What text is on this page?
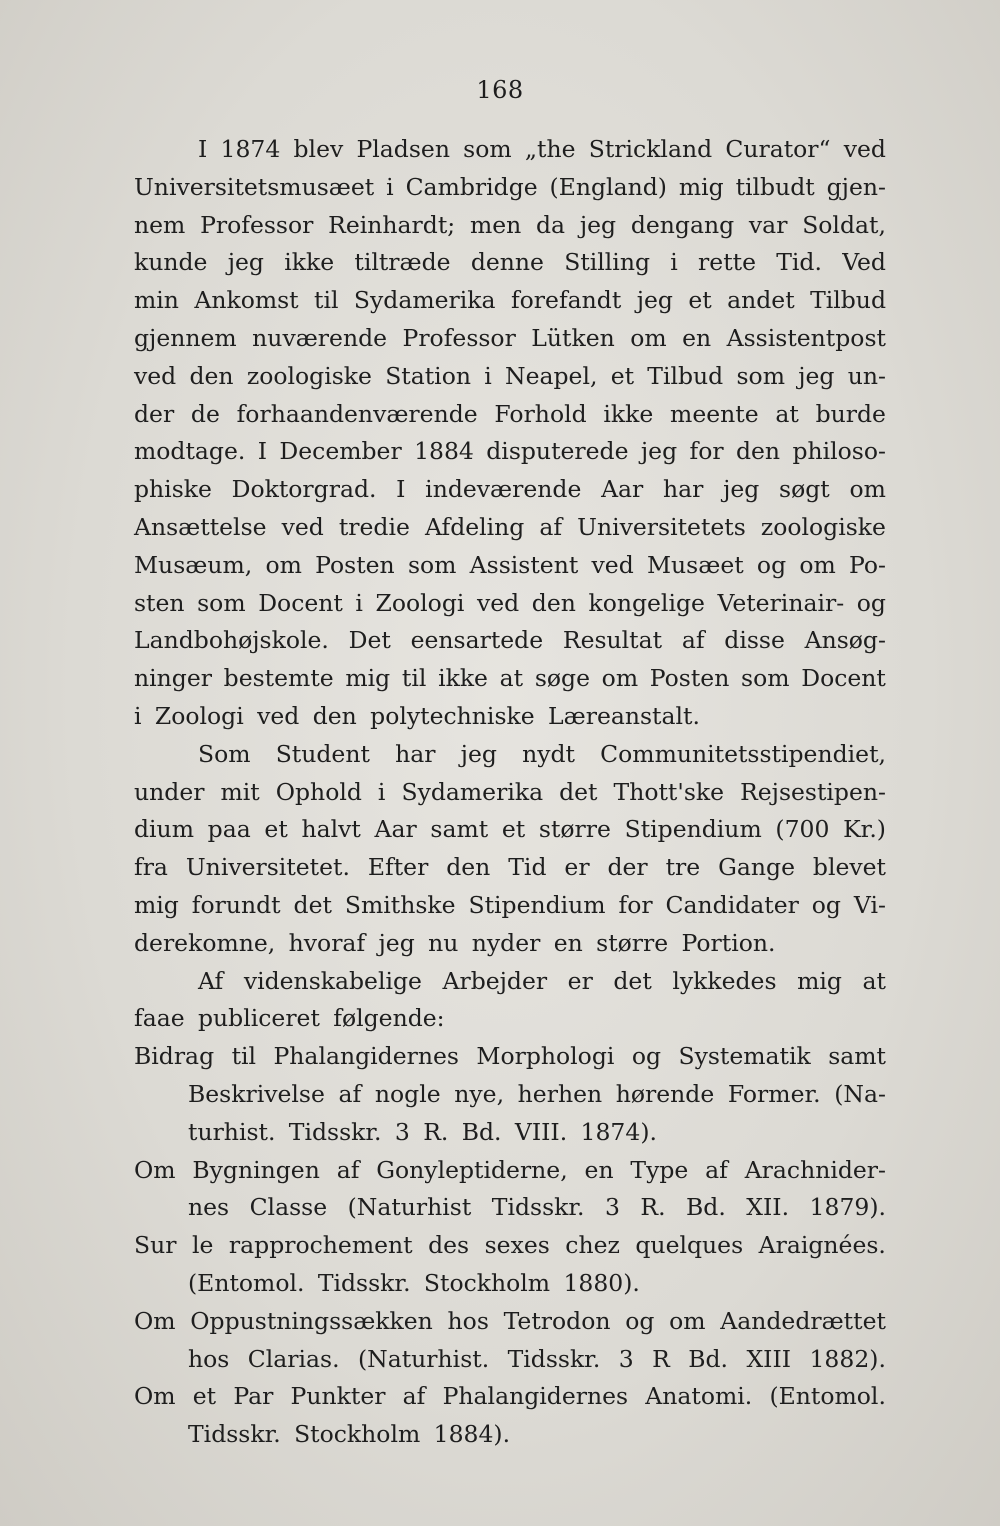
168
I 1874 blev Pladsen som „the Strickland Curator“ ved
Universitetsmusæet i Cambridge (England) mig tilbudt gjen-
nem Professor Reinhardt; men da jeg dengang var Soldat,
kunde jeg ikke tiltræde denne Stilling i rette Tid. Ved
min Ankomst til Sydamerika forefandt jeg et andet Tilbud
gjennem nuværende Professor Lütken om en Assistentpost
ved den zoologiske Station i Neapel, et Tilbud som jeg un-
der de forhaandenværende Forhold ikke meente at burde
modtage. I December 1884 disputerede jeg for den philoso-
phiske Doktorgrad. I indeværende Aar har jeg søgt om
Ansættelse ved tredie Afdeling af Universitetets zoologiske
Musæum, om Posten som Assistent ved Musæet og om Po-
sten som Docent i Zoologi ved den kongelige Veterinair- og
Landbohøjskole. Det eensartede Resultat af disse Ansøg-
ninger bestemte mig til ikke at søge om Posten som Docent
i
Zoologi
ved
den
polytechniske
Læreanstalt.
Som Student har jeg nydt Communitetsstipendiet,
under mit Ophold i Sydamerika det Thott'ske Rejsestipen-
dium paa et halvt Aar samt et større Stipendium (700 Kr.)
fra Universitetet. Efter den Tid er der tre Gange blevet
mig forundt det Smithske Stipendium for Candidater og Vi-
derekomne,
hvoraf
jeg
nu
nyder
en
større
Portion.
Af videnskabelige Arbejder er det lykkedes mig at
faae
publiceret
følgende:
Bidrag til Phalangidernes Morphologi og Systematik samt
Beskrivelse af nogle nye, herhen hørende Former. (Na-
turhist.
Tidsskr.
3
R.
Bd.
VIII.
1874).
Om Bygningen af Gonyleptiderne, en Type af Arachnider-
nes Classe (Naturhist Tidsskr. 3 R. Bd. XII. 1879).
Sur le rapprochement des sexes chez quelques Araignées.
(Entomol.
Tidsskr.
Stockholm
1880).
Om Oppustningssækken hos Tetrodon og om Aandedrættet
hos Clarias. (Naturhist. Tidsskr. 3 R Bd. XIII 1882).
Om et Par Punkter af Phalangidernes Anatomi. (Entomol.
Tidsskr.
Stockholm
1884).
